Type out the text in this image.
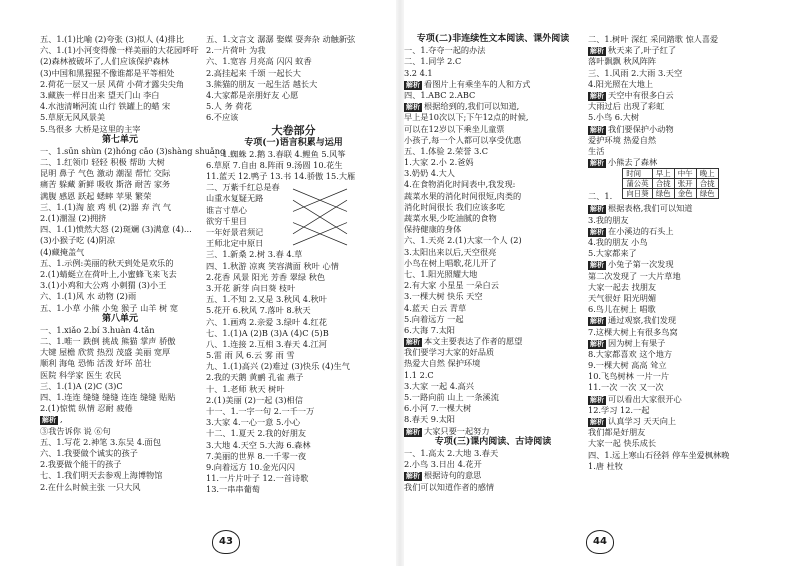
五、1.(1)比喻 (2)夸张 (3)拟人 (4)排比
六、1.(1)小河变得像一样美丽的大花园呼吁
(2)森林被破坏了,人们应该保护森林
(3)中国和黑猩猩不像谁都是平等相处
2.荷花一层又一层 风荷 小荷才露尖尖角
3.藏族一样日出来 望天门山 李白
4.水池清晰河流 山行 铁罐上的蜡 宋
5.草原无风风景美
5.鸟很多 大桥是这里的主宰
第七单元
一、1.sūn shùn (2)hóng cǎo (3)shàng shuǎng
二、1.红领巾 轻轻 积极 帮助 大树
昆明 鼻子 气色 激动 潮湿 帮忙 交际
痛苦 躲藏 新鲜 吸收 斯洛 耐苦 家务
满腹 感恩 跃起 蟋蟀 苹果 繁荣
三、1.(1)淘 旅 鸡 机 (2)器 弃 汽 气
2.(1)潮湿 (2)拥挤
四、1.(1)愤然大怒 (2)斑斓 (3)满意 (4)...
(3)小猴子吃 (4)阴凉
(4)藏掩盖气
五、1.示例:美丽的秋天到处是欢乐的
2.(1)蜻蜓立在荷叶上,小蜜蜂飞来飞去
3.(1)小鸡和大公鸡 小刺猬 (3)小王
六、1.(1)风 水 动物 (2)雨
五、1.小草 小熊 小兔 猴子 山羊 树 宽
第八单元
一、1.xiǎo 2.bí 3.huàn 4.tǎn
二、1.唯一 跌倒 挑战 熊猫 掌声 骄傲
大键 屋檐 欣赏 热烈 茂盛 美丽 宽厚
顺利 海龟 恐怖 活泼 好坏 茁壮
医院 科学家 医生 农民
三、1.(1)A (2)C (3)C
四、1.连连 缝缝 缝缝 连连 缝缝 贴贴
2.(1)惊慌 纵情 忍耐 疲倦
解析 ,
③我告诉你 说 ⑥句
五、1.写花 2.神笔 3.东吴 4.面包
六、1.我要做个诚实的孩子
2.我要做个能干的孩子
七、1.我们明天去参观上海博物馆
2.在什么时候主张 一只大风
五、1.文言文 潺潺 娶媒 耍奔杂 动触新弦
2.一片荷叶 为我
六、1.宽容 月亮高 闪闪 蚊香
2.高挂起来 千颂 一起长大
3.熊猫的朋友 一起生活 越长大
4.大家都是亲朋好友 心愿
5.人 务 荷花
6.不应该
大卷部分
专项(一)语言积累与运用
一、1.蜘蛛 2.鹅 3.春联 4.鲤鱼 5.风筝
6.草原 7.自由 8.阵雨 9.汤圆 10.花生
11.蓝天 12.鸭子 13.书 14.骄傲 15.大雁
二、万紫千红总是春
山重水复疑无路
谁言寸草心
欲穷千里目
一年好景君须记
王师北定中原日
三、1.新桑 2.树 3.春 4.草
四、1.秋游 凉爽 笑容满面 秋叶 心情
2.花香 风景 阳光 芳香 翠绿 秋色
3.开花 新芽 向日葵 枝叶
五、1.不知 2.又是 3.秋风 4.秋叶
5.花开 6.秋风 7.落叶 8.秋天
六、1.画鸡 2.亲爱 3.绿叶 4.红花
七、1.(1)A (2)B (3)A (4)C (5)B
八、1.连接 2.互相 3.春天 4.江河
5.雷 雨 风 6.云 雾 雨 雪
九、1.(1)高兴 (2)难过 (3)快乐 (4)生气
2.我的天鹅 黄鹂 孔雀 燕子
十、1.老师 秋天 树叶
2.(1)美丽 (2)一起 (3)相信
十一、1.一字一句 2.一千一万
3.大家 4.一心一意 5.小心
十二、1.夏天 2.我的好朋友
3.大地 4.天空 5.大海 6.森林
7.美丽的世界 8.一千零一夜
9.向着远方 10.金光闪闪
11.一片片叶子 12.一首诗歌
13.一串串葡萄
43
专项(二)非连续性文本阅读、课外阅读
一、1.夺夺一起的办法
二、1.同学 2.C
3.2 4.1
解析 看图片上有乘坐车的人和方式
四、1.ABC 2.ABC
解析 根据给到的,我们可以知道,
早上是10次以下;下午12点的时候,
可以在12岁以下乘坐儿童票
小孩子,每一个人都可以享受优惠
五、1.体验 2.荣誉 3.C
1.大家 2.小 2.爸妈
3.奶奶 4.大人
4.在食物消化时间表中,我发现:
蔬菜水果的消化时间很短,肉类的
消化时间很长 我们应该多吃
蔬菜水果,少吃油腻的食物
保持健康的身体
六、1.天亮 2.(1)大家一个人 (2)
3.太阳出来以后,天空很亮
小鸟在树上唱歌,花儿开了
七、1.阳光照耀大地
2.有大家 小星星 一朵白云
3.一棵大树 快乐 天空
4.蓝天 白云 青草
5.向着远方 一起
6.大海 7.太阳
解析 本文主要表达了作者的愿望
我们要学习大家的好品质
热爱大自然 保护环境
1.1 2.C
3.大家 一起 4.高兴
5.一路向前 山上 一条溪流
6.小河 7.一棵大树
8.春天 9.太阳
解析 大家只要一起努力
专项(三)课内阅读、古诗阅读
一、1.高太 2.大地 3.春天
2.小鸟 3.日出 4.花开
解析 根据诗句的意思
我们可以知道作者的感情
二、1.树叶 深红 采同踏歌 惊人喜爱
解析 秋天来了,叶子红了
落叶飘飘 秋风阵阵
三、1.风雨 2.大雨 3.天空
4.阳光照在大地上
解析 天空中有很多白云
大雨过后 出现了彩虹
5.小鸟 6.大树
解析 我们要保护小动物
爱护环境 热爱自然
生活
解析 小熊去了森林
二、1.时间	早上	中午	晚上
蒲公英	合拢	张开	合拢
向日葵	绿色	金色	绿色
解析 根据表格,我们可以知道
3.我的朋友
解析 在小溪边的石头上
4.我的朋友 小鸟
5.大家都来了
解析 小兔子第一次发现
第二次发现了 一大片草地
大家一起去 找朋友
天气很好 阳光明媚
6.鸟儿在树上 唱歌
解析 通过观察,我们发现
7.这棵大树上有很多鸟窝
解析 因为树上有果子
8.大家都喜欢 这个地方
9.一棵大树 高高 耸立
10.飞鸟树林 一片一片
11.一次 一次 又一次
解析 可以看出大家很开心
12.学习 12.一起
解析 认真学习 天天向上
我们都是好朋友
大家一起 快乐成长
四、1.远上寒山石径斜 停车坐爱枫林晚
1.唐 杜牧
44
